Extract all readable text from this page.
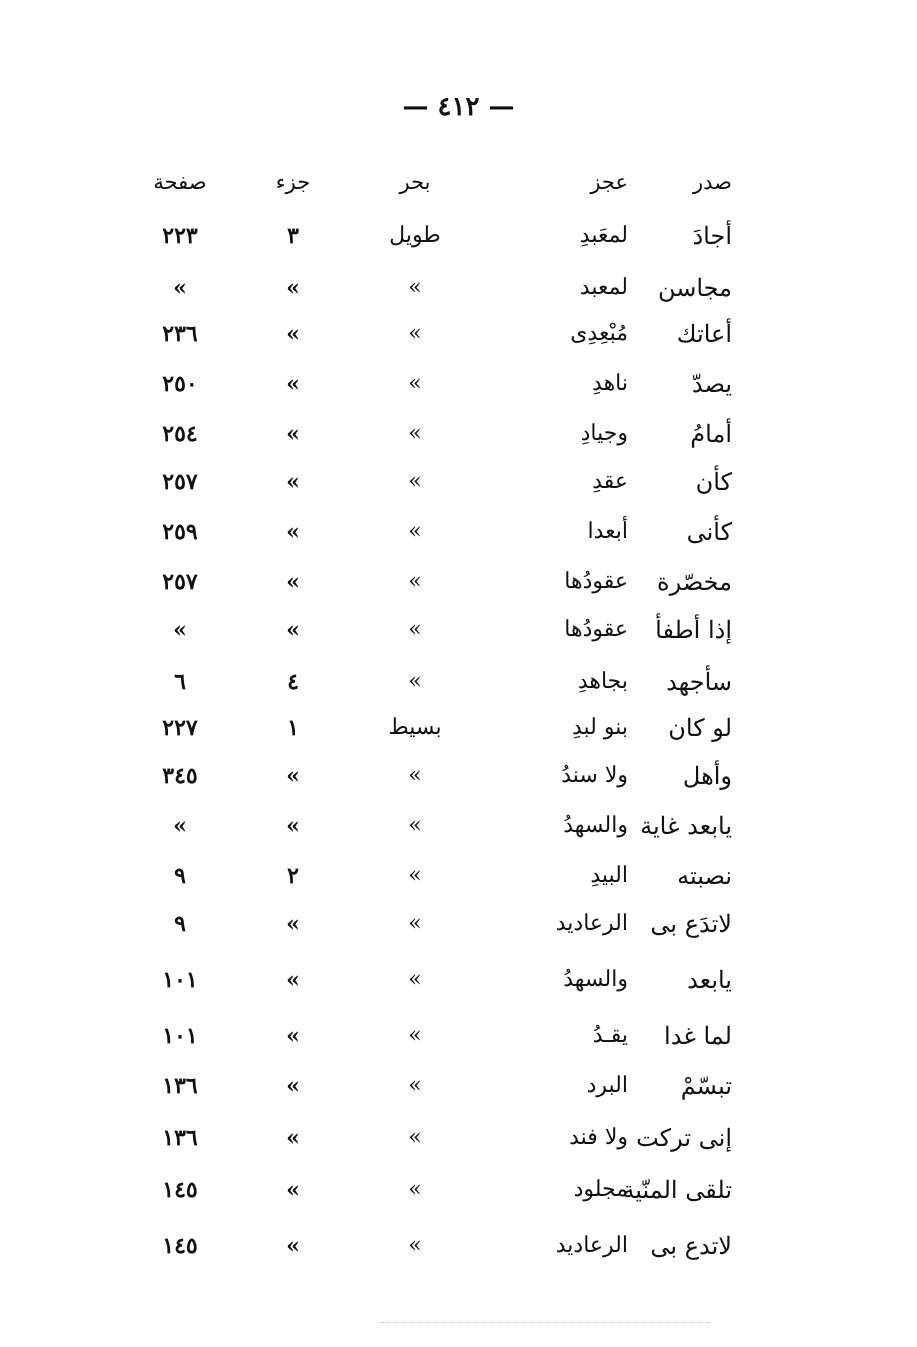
— ٤١٢ —
صدر
عجز
بحر
جزء
صفحة
أجادَ
لمعَبدِ
طويل
٣
٢٢٣
مجاسن
لمعبد
»
»
»
أعاتك
مُبْعِدِى
»
»
٢٣٦
يصدّ
ناهدِ
»
»
٢٥٠
أمامُ
وجيادِ
»
»
٢٥٤
كأن
عقدِ
»
»
٢٥٧
كأنى
أبعدا
»
»
٢٥٩
مخصّرة
عقودُها
»
»
٢٥٧
إذا أطفأ
عقودُها
»
»
»
سأجهد
بجاهدِ
»
٤
٦
لو كان
بنو لبدِ
بسيط
١
٢٢٧
وأهل
ولا سندُ
»
»
٣٤٥
يابعد غاية
والسهدُ
»
»
»
نصبته
البيدِ
»
٢
٩
لاتدَع بى
الرعاديد
»
»
٩
يابعد
والسهدُ
»
»
١٠١
لما غدا
يقـدُ
»
»
١٠١
تبسّمْ
البرد
»
»
١٣٦
إنى تركت
ولا فند
»
»
١٣٦
تلقى المنّية
مجلود
»
»
١٤٥
لاتدع بى
الرعاديد
»
»
١٤٥
